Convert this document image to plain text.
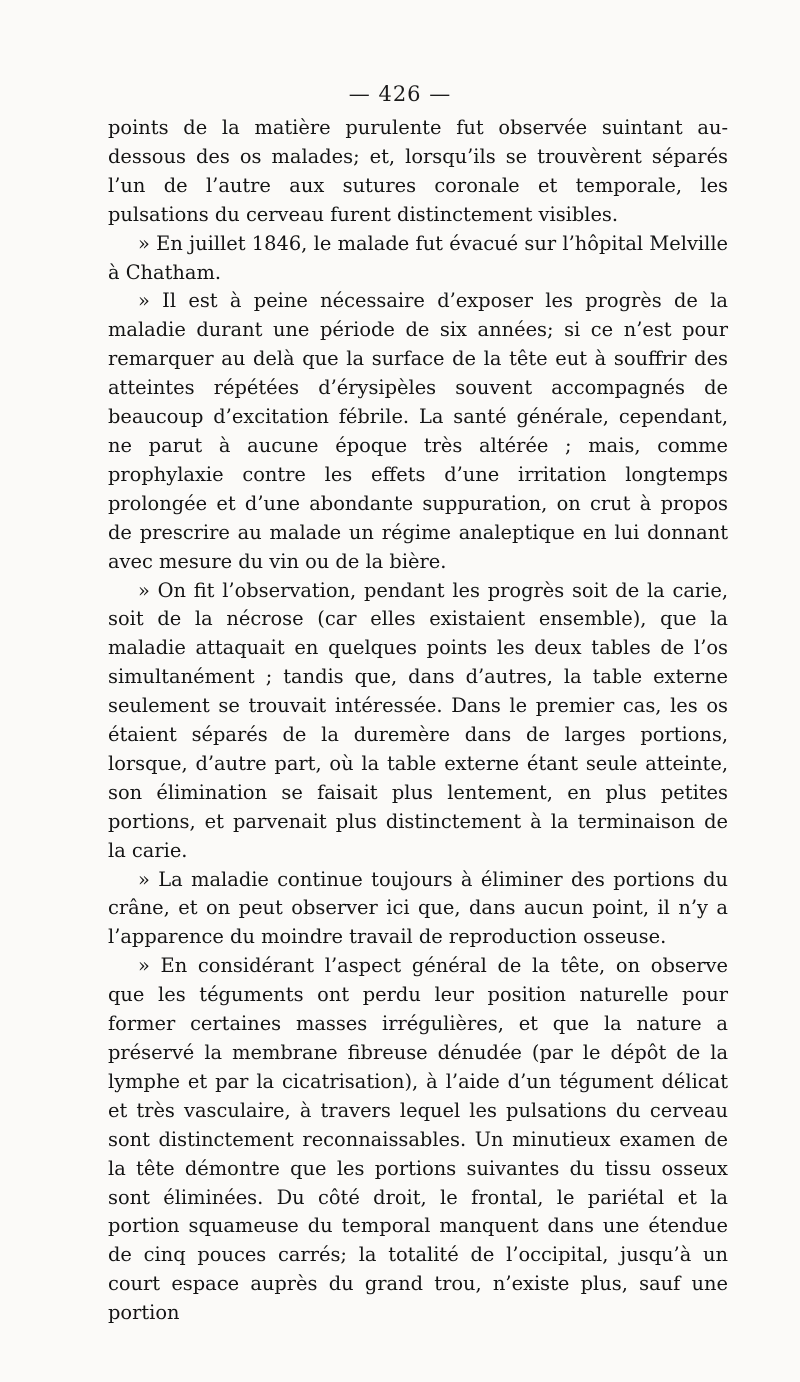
— 426 —

points de la matière purulente fut observée suintant au-dessous des os malades; et, lorsqu’ils se trouvèrent séparés l’un de l’autre aux sutures coronale et temporale, les pulsations du cerveau furent distinctement visibles.

» En juillet 1846, le malade fut évacué sur l’hôpital Melville à Chatham.

» Il est à peine nécessaire d’exposer les progrès de la maladie durant une période de six années; si ce n’est pour remarquer au delà que la surface de la tête eut à souffrir des atteintes répétées d’érysipèles souvent accompagnés de beaucoup d’excitation fébrile. La santé générale, cependant, ne parut à aucune époque très altérée ; mais, comme prophylaxie contre les effets d’une irritation longtemps prolongée et d’une abondante suppuration, on crut à propos de prescrire au malade un régime analeptique en lui donnant avec mesure du vin ou de la bière.

» On fit l’observation, pendant les progrès soit de la carie, soit de la nécrose (car elles existaient ensemble), que la maladie attaquait en quelques points les deux tables de l’os simultanément ; tandis que, dans d’autres, la table externe seulement se trouvait intéressée. Dans le premier cas, les os étaient séparés de la duremère dans de larges portions, lorsque, d’autre part, où la table externe étant seule atteinte, son élimination se faisait plus lentement, en plus petites portions, et parvenait plus distinctement à la terminaison de la carie.

» La maladie continue toujours à éliminer des portions du crâne, et on peut observer ici que, dans aucun point, il n’y a l’apparence du moindre travail de reproduction osseuse.

» En considérant l’aspect général de la tête, on observe que les téguments ont perdu leur position naturelle pour former certaines masses irrégulières, et que la nature a préservé la membrane fibreuse dénudée (par le dépôt de la lymphe et par la cicatrisation), à l’aide d’un tégument délicat et très vasculaire, à travers lequel les pulsations du cerveau sont distinctement reconnaissables. Un minutieux examen de la tête démontre que les portions suivantes du tissu osseux sont éliminées. Du côté droit, le frontal, le pariétal et la portion squameuse du temporal manquent dans une étendue de cinq pouces carrés; la totalité de l’occipital, jusqu’à un court espace auprès du grand trou, n’existe plus, sauf une portion
